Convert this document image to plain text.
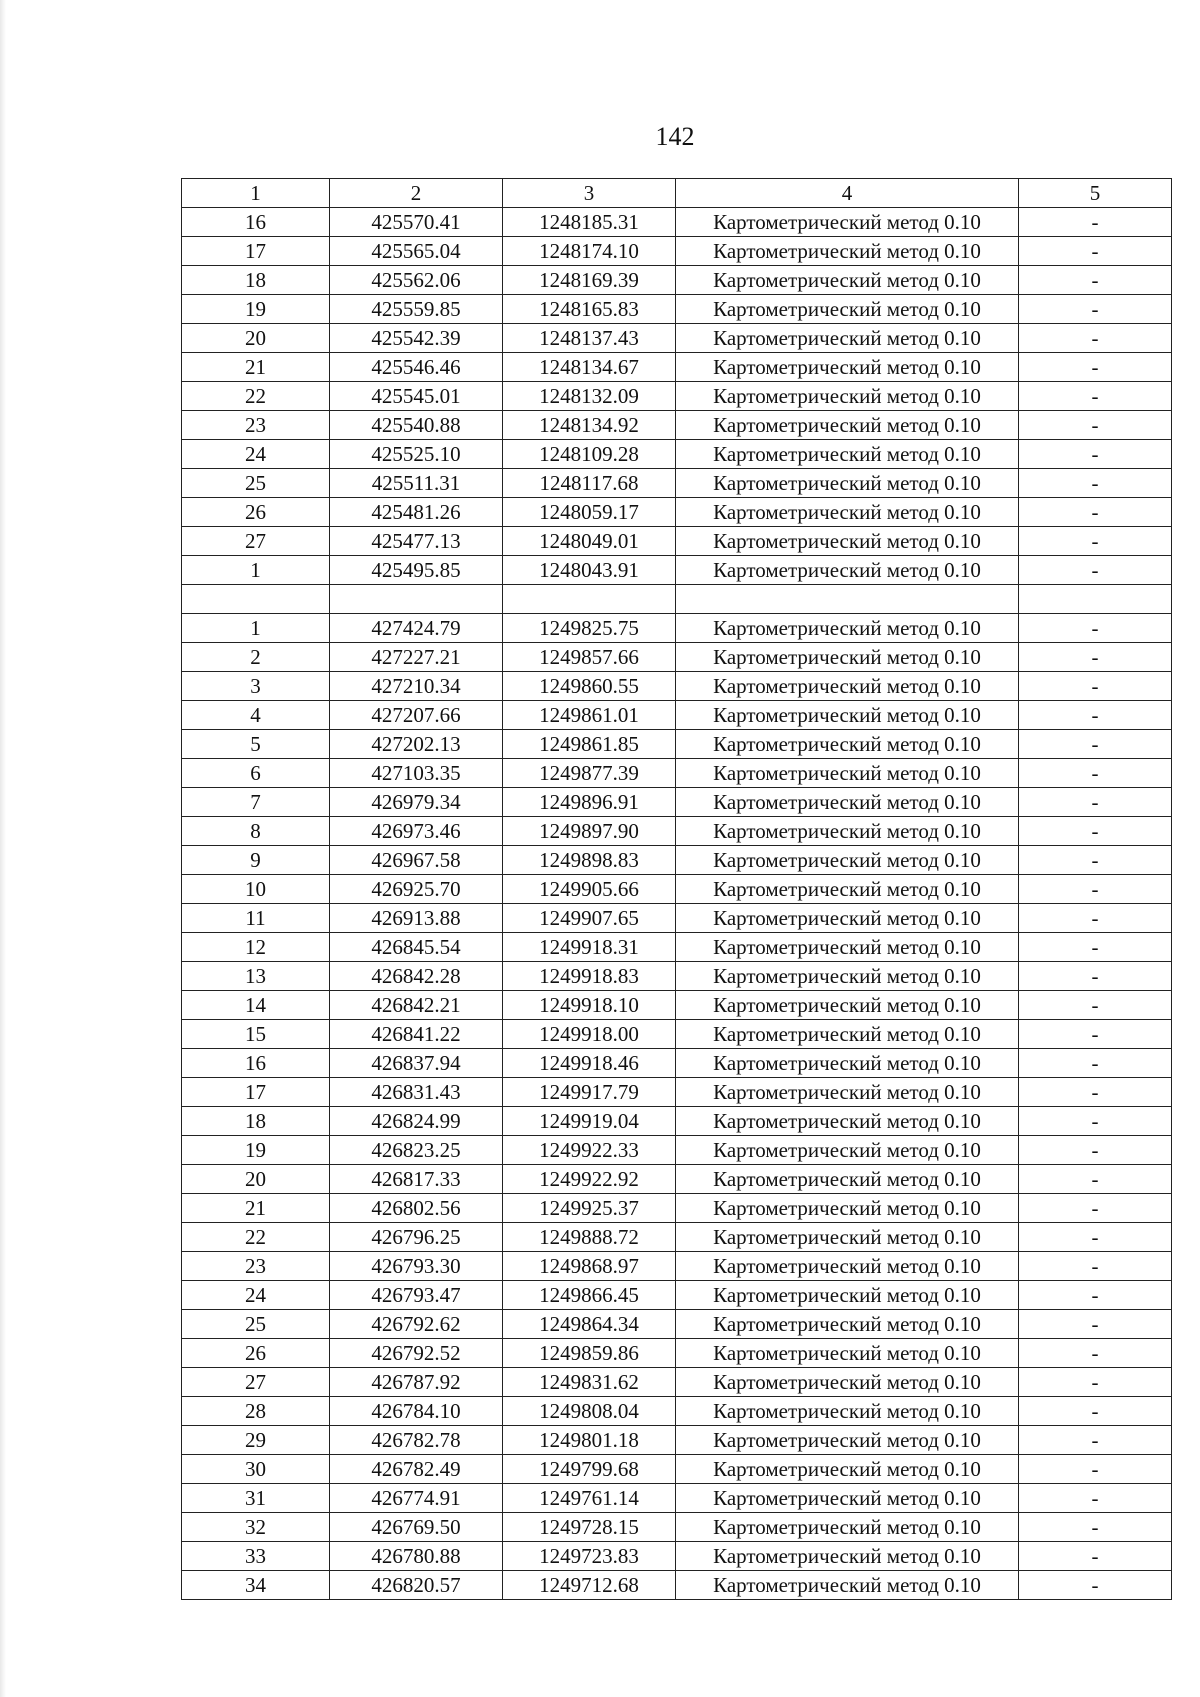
142
1	2	3	4	5
16	425570.41	1248185.31	Картометрический метод 0.10	-
17	425565.04	1248174.10	Картометрический метод 0.10	-
18	425562.06	1248169.39	Картометрический метод 0.10	-
19	425559.85	1248165.83	Картометрический метод 0.10	-
20	425542.39	1248137.43	Картометрический метод 0.10	-
21	425546.46	1248134.67	Картометрический метод 0.10	-
22	425545.01	1248132.09	Картометрический метод 0.10	-
23	425540.88	1248134.92	Картометрический метод 0.10	-
24	425525.10	1248109.28	Картометрический метод 0.10	-
25	425511.31	1248117.68	Картометрический метод 0.10	-
26	425481.26	1248059.17	Картометрический метод 0.10	-
27	425477.13	1248049.01	Картометрический метод 0.10	-
1	425495.85	1248043.91	Картометрический метод 0.10	-

1	427424.79	1249825.75	Картометрический метод 0.10	-
2	427227.21	1249857.66	Картометрический метод 0.10	-
3	427210.34	1249860.55	Картометрический метод 0.10	-
4	427207.66	1249861.01	Картометрический метод 0.10	-
5	427202.13	1249861.85	Картометрический метод 0.10	-
6	427103.35	1249877.39	Картометрический метод 0.10	-
7	426979.34	1249896.91	Картометрический метод 0.10	-
8	426973.46	1249897.90	Картометрический метод 0.10	-
9	426967.58	1249898.83	Картометрический метод 0.10	-
10	426925.70	1249905.66	Картометрический метод 0.10	-
11	426913.88	1249907.65	Картометрический метод 0.10	-
12	426845.54	1249918.31	Картометрический метод 0.10	-
13	426842.28	1249918.83	Картометрический метод 0.10	-
14	426842.21	1249918.10	Картометрический метод 0.10	-
15	426841.22	1249918.00	Картометрический метод 0.10	-
16	426837.94	1249918.46	Картометрический метод 0.10	-
17	426831.43	1249917.79	Картометрический метод 0.10	-
18	426824.99	1249919.04	Картометрический метод 0.10	-
19	426823.25	1249922.33	Картометрический метод 0.10	-
20	426817.33	1249922.92	Картометрический метод 0.10	-
21	426802.56	1249925.37	Картометрический метод 0.10	-
22	426796.25	1249888.72	Картометрический метод 0.10	-
23	426793.30	1249868.97	Картометрический метод 0.10	-
24	426793.47	1249866.45	Картометрический метод 0.10	-
25	426792.62	1249864.34	Картометрический метод 0.10	-
26	426792.52	1249859.86	Картометрический метод 0.10	-
27	426787.92	1249831.62	Картометрический метод 0.10	-
28	426784.10	1249808.04	Картометрический метод 0.10	-
29	426782.78	1249801.18	Картометрический метод 0.10	-
30	426782.49	1249799.68	Картометрический метод 0.10	-
31	426774.91	1249761.14	Картометрический метод 0.10	-
32	426769.50	1249728.15	Картометрический метод 0.10	-
33	426780.88	1249723.83	Картометрический метод 0.10	-
34	426820.57	1249712.68	Картометрический метод 0.10	-
